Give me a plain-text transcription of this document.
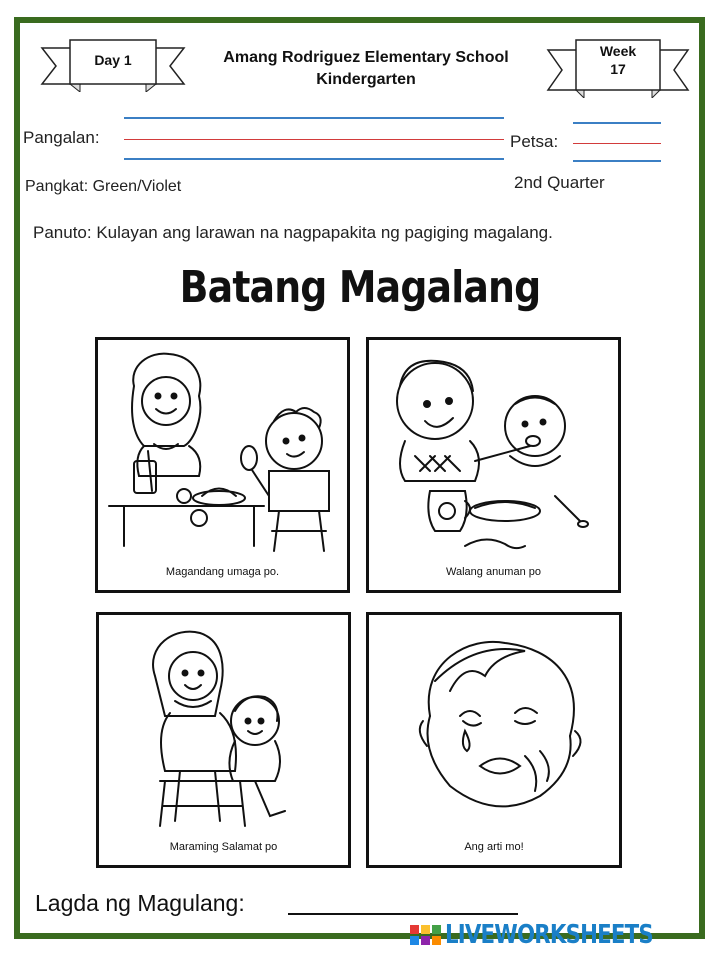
Day 1	Amang Rodriguez Elementary School
Kindergarten
Week
17
Pangalan:	Petsa:
Pangkat: Green/Violet	2nd Quarter
Panuto: Kulayan ang larawan na nagpapakita ng pagiging magalang.
Batang Magalang
Magandang umaga po.	Walang anuman po
Maraming Salamat po	Ang arti mo!
Lagda ng Magulang:
LIVEWORKSHEETS
